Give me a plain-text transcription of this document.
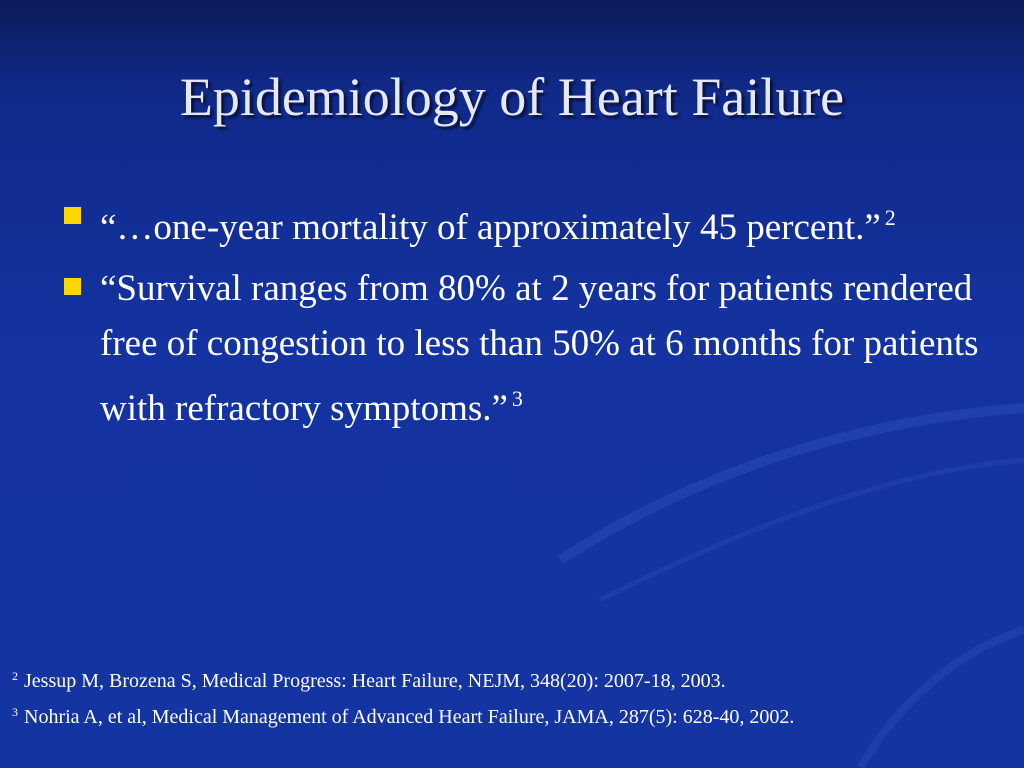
Epidemiology of Heart Failure
“…one-year mortality of approximately 45 percent.” $^2$
“Survival ranges from 80% at 2 years for patients rendered free of congestion to less than 50% at 6 months for patients with refractory symptoms.” $^3$
$^2$ Jessup M, Brozena S, Medical Progress: Heart Failure, NEJM, 348(20): 2007-18, 2003.
$^3$ Nohria A, et al, Medical Management of Advanced Heart Failure, JAMA, 287(5): 628-40, 2002.
